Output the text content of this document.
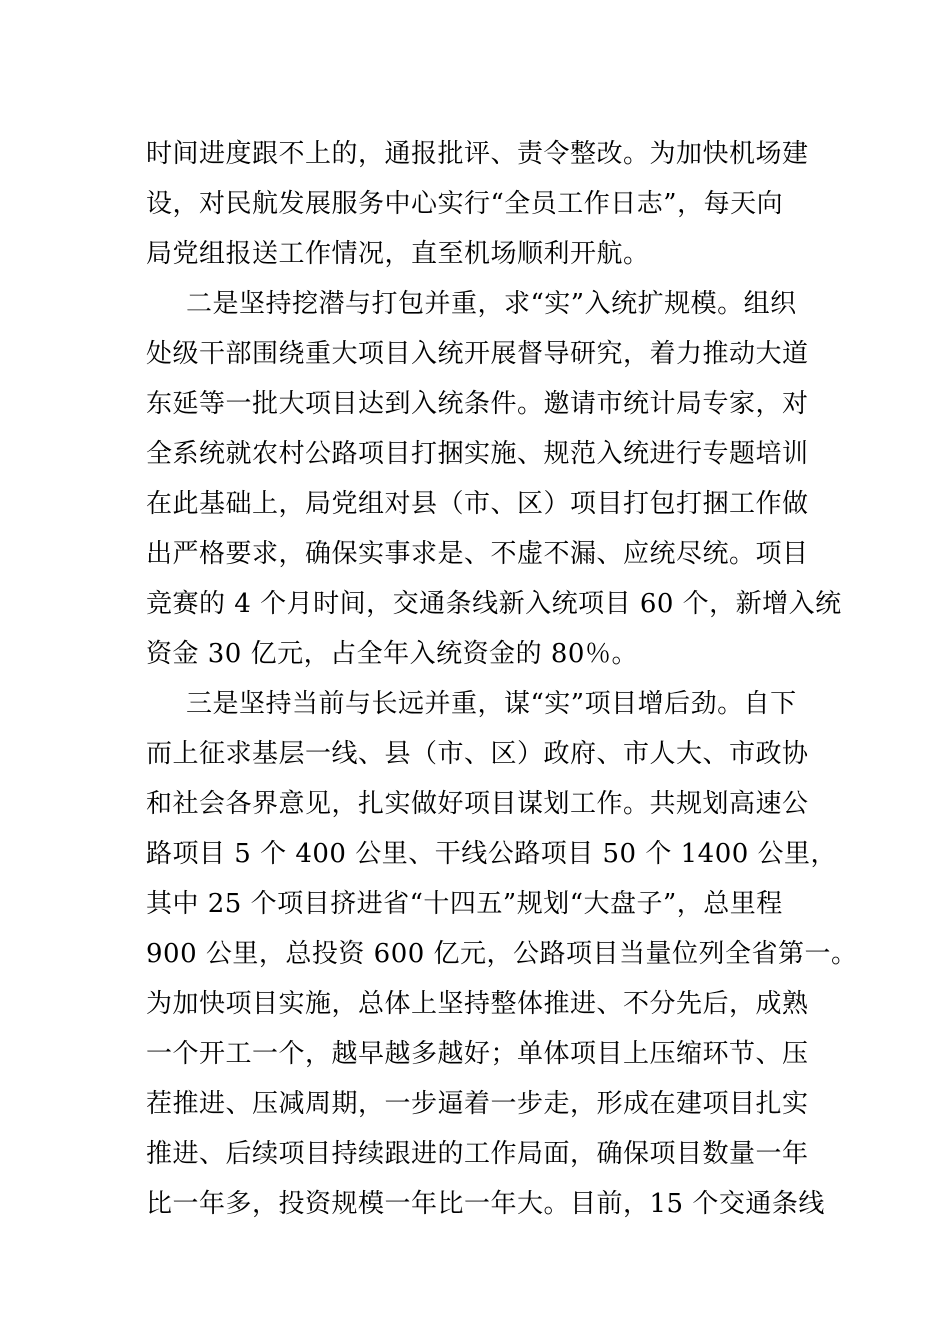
时间进度跟不上的，通报批评、责令整改。为加快机场建
设，对民航发展服务中心实行“全员工作日志”，每天向
局党组报送工作情况，直至机场顺利开航。
二是坚持挖潜与打包并重，求“实”入统扩规模。组织
处级干部围绕重大项目入统开展督导研究，着力推动大道
东延等一批大项目达到入统条件。邀请市统计局专家，对
全系统就农村公路项目打捆实施、规范入统进行专题培训
在此基础上，局党组对县（市、区）项目打包打捆工作做
出严格要求，确保实事求是、不虚不漏、应统尽统。项目
竞赛的 4 个月时间，交通条线新入统项目 60 个，新增入统
资金 30 亿元，占全年入统资金的 80％。
三是坚持当前与长远并重，谋“实”项目增后劲。自下
而上征求基层一线、县（市、区）政府、市人大、市政协
和社会各界意见，扎实做好项目谋划工作。共规划高速公
路项目 5 个 400 公里、干线公路项目 50 个 1400 公里，
其中 25 个项目挤进省“十四五”规划“大盘子”，总里程
900 公里，总投资 600 亿元，公路项目当量位列全省第一。
为加快项目实施，总体上坚持整体推进、不分先后，成熟
一个开工一个，越早越多越好；单体项目上压缩环节、压
茬推进、压减周期，一步逼着一步走，形成在建项目扎实
推进、后续项目持续跟进的工作局面，确保项目数量一年
比一年多，投资规模一年比一年大。目前，15 个交通条线
